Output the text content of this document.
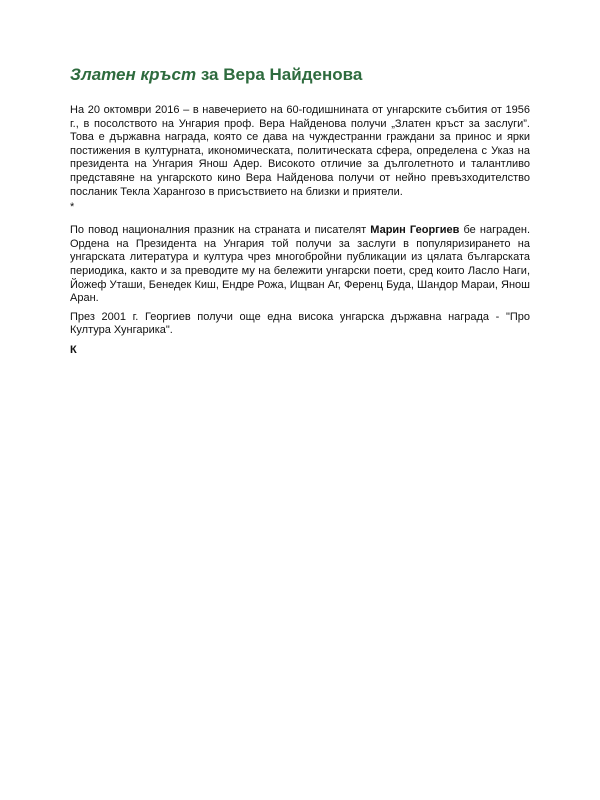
Златен кръст за Вера Найденова

На 20 октомври 2016 – в навечерието на 60-годишнината от унгарските събития от 1956 г., в посолството на Унгария проф. Вера Найденова получи „Златен кръст за заслуги”. Това е държавна награда, която се дава на чуждестранни граждани за принос и ярки постижения в културната, икономическата, политическата сфера, определена с Указ на президента на Унгария Янош Адер. Високото отличие за дълголетното и талантливо представяне на унгарското кино Вера Найденова получи от нейно превъзходителство посланик Текла Харангозо в присъствието на близки и приятели.

*

По повод националния празник на страната и писателят Марин Георгиев бе награден. Ордена на Президента на Унгария той получи за заслуги в популяризирането на унгарската литература и култура чрез многобройни публикации из цялата българската периодика, както и за преводите му на бележити унгарски поети, сред които Ласло Наги, Йожеф Уташи, Бенедек Киш, Ендре Рожа, Ищван Аг, Ференц Буда, Шандор Мараи, Янош Аран.

През 2001 г. Георгиев получи още една висока унгарска държавна награда - "Про Култура Хунгарика".

К
